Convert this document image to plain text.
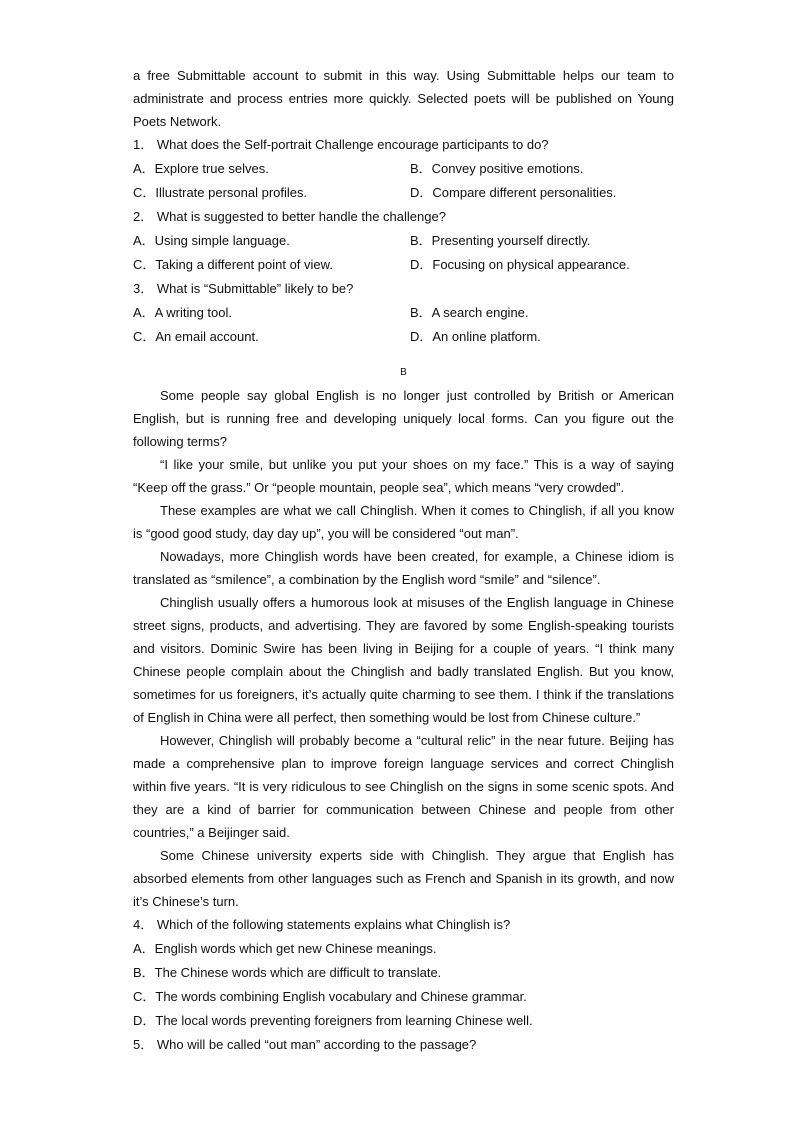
a free Submittable account to submit in this way. Using Submittable helps our team to administrate and process entries more quickly. Selected poets will be published on Young Poets Network.

1． What does the Self-portrait Challenge encourage participants to do?
A．Explore true selves.	B．Convey positive emotions.
C．Illustrate personal profiles.	D．Compare different personalities.
2． What is suggested to better handle the challenge?
A．Using simple language.	B．Presenting yourself directly.
C．Taking a different point of view.	D．Focusing on physical appearance.
3． What is “Submittable” likely to be?
A．A writing tool.	B．A search engine.
C．An email account.	D．An online platform.
B

Some people say global English is no longer just controlled by British or American English, but is running free and developing uniquely local forms. Can you figure out the following terms?

“I like your smile, but unlike you put your shoes on my face.” This is a way of saying “Keep off the grass.” Or “people mountain, people sea”, which means “very crowded”.

These examples are what we call Chinglish. When it comes to Chinglish, if all you know is “good good study, day day up”, you will be considered “out man”.

Nowadays, more Chinglish words have been created, for example, a Chinese idiom is translated as “smilence”, a combination by the English word “smile” and “silence”.

Chinglish usually offers a humorous look at misuses of the English language in Chinese street signs, products, and advertising. They are favored by some English-speaking tourists and visitors. Dominic Swire has been living in Beijing for a couple of years. “I think many Chinese people complain about the Chinglish and badly translated English. But you know, sometimes for us foreigners, it’s actually quite charming to see them. I think if the translations of English in China were all perfect, then something would be lost from Chinese culture.”

However, Chinglish will probably become a “cultural relic” in the near future. Beijing has made a comprehensive plan to improve foreign language services and correct Chinglish within five years. “It is very ridiculous to see Chinglish on the signs in some scenic spots. And they are a kind of barrier for communication between Chinese and people from other countries,” a Beijinger said.

Some Chinese university experts side with Chinglish. They argue that English has absorbed elements from other languages such as French and Spanish in its growth, and now it’s Chinese’s turn.

4． Which of the following statements explains what Chinglish is?
A．English words which get new Chinese meanings.
B．The Chinese words which are difficult to translate.
C．The words combining English vocabulary and Chinese grammar.
D．The local words preventing foreigners from learning Chinese well.
5． Who will be called “out man” according to the passage?
